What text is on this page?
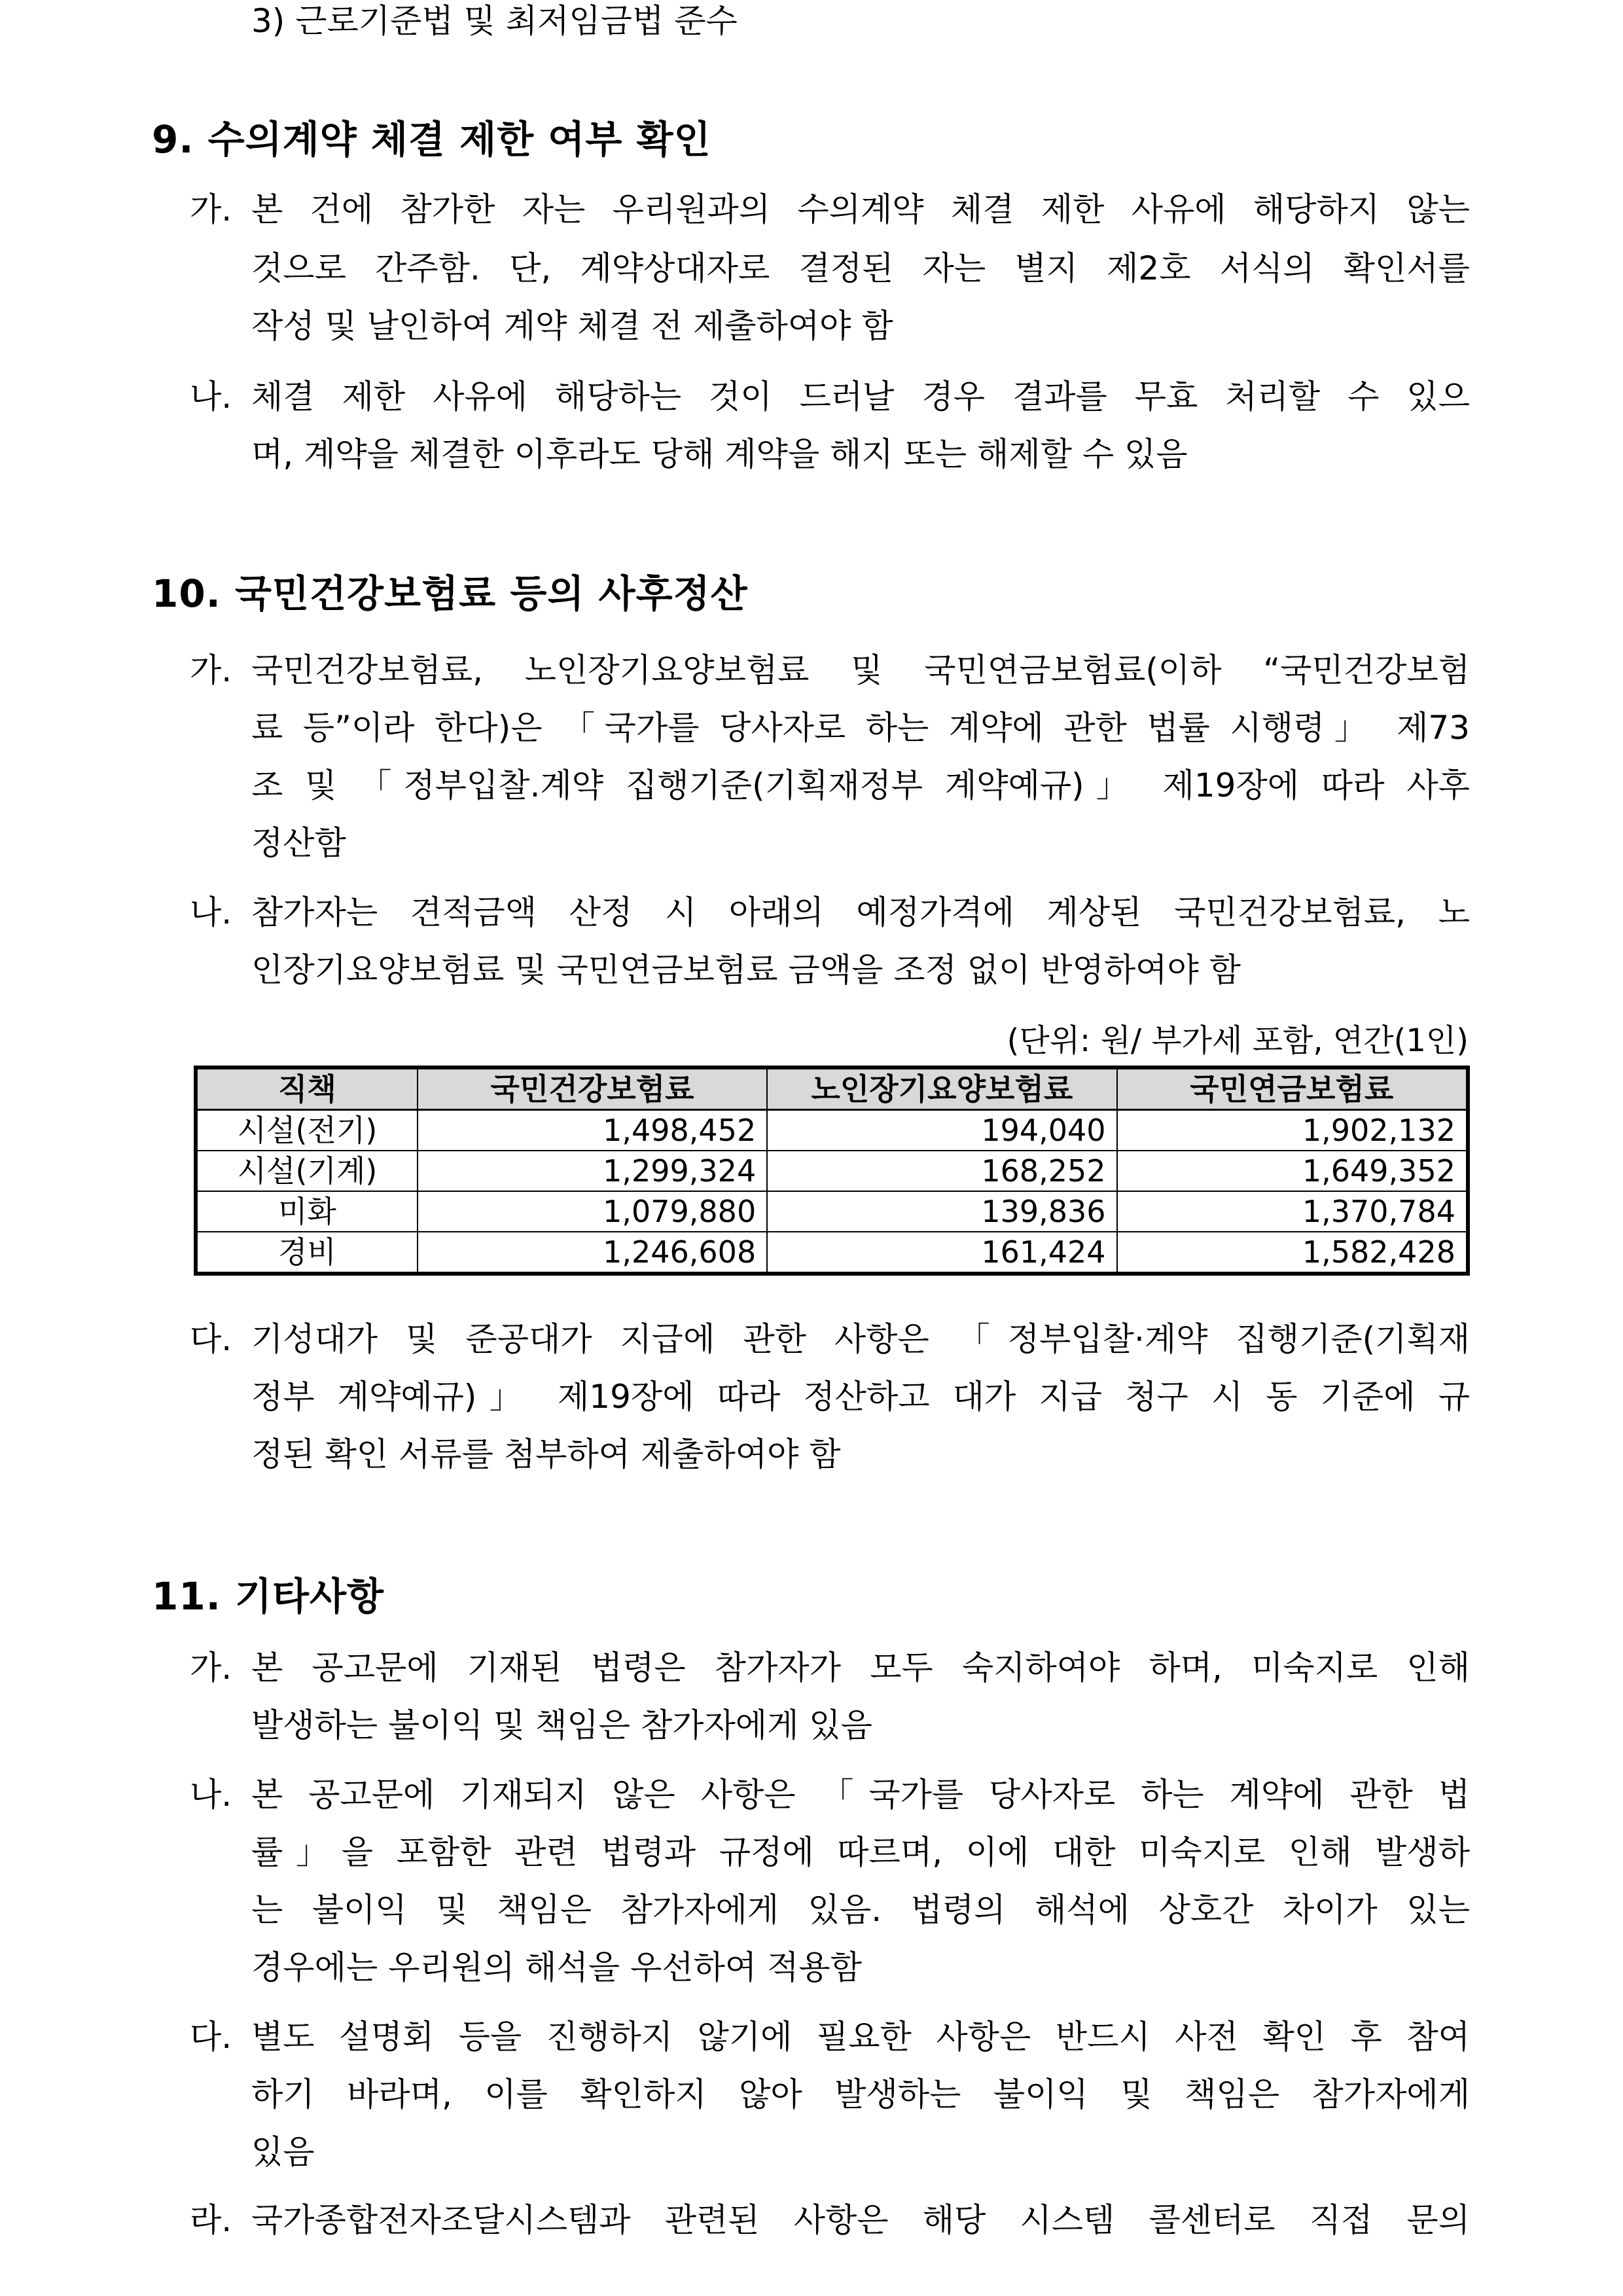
3) 근로기준법 및 최저임금법 준수
9. 수의계약 체결 제한 여부 확인
가. 본 건에 참가한 자는 우리원과의 수의계약 체결 제한 사유에 해당하지 않는
것으로 간주함. 단, 계약상대자로 결정된 자는 별지 제2호 서식의 확인서를
작성 및 날인하여 계약 체결 전 제출하여야 함
나. 체결 제한 사유에 해당하는 것이 드러날 경우 결과를 무효 처리할 수 있으
며, 계약을 체결한 이후라도 당해 계약을 해지 또는 해제할 수 있음
10. 국민건강보험료 등의 사후정산
가. 국민건강보험료, 노인장기요양보험료 및 국민연금보험료(이하 “국민건강보험
료 등”이라 한다)은 「국가를 당사자로 하는 계약에 관한 법률 시행령」 제73
조 및 「정부입찰.계약 집행기준(기획재정부 계약예규)」 제19장에 따라 사후
정산함
나. 참가자는 견적금액 산정 시 아래의 예정가격에 계상된 국민건강보험료, 노
인장기요양보험료 및 국민연금보험료 금액을 조정 없이 반영하여야 함
(단위: 원/ 부가세 포함, 연간(1인)
직책	국민건강보험료	노인장기요양보험료	국민연금보험료
시설(전기)	1,498,452	194,040	1,902,132
시설(기계)	1,299,324	168,252	1,649,352
미화	1,079,880	139,836	1,370,784
경비	1,246,608	161,424	1,582,428
다. 기성대가 및 준공대가 지급에 관한 사항은 「정부입찰·계약 집행기준(기획재
정부 계약예규)」 제19장에 따라 정산하고 대가 지급 청구 시 동 기준에 규
정된 확인 서류를 첨부하여 제출하여야 함
11. 기타사항
가. 본 공고문에 기재된 법령은 참가자가 모두 숙지하여야 하며, 미숙지로 인해
발생하는 불이익 및 책임은 참가자에게 있음
나. 본 공고문에 기재되지 않은 사항은 「국가를 당사자로 하는 계약에 관한 법
률」을 포함한 관련 법령과 규정에 따르며, 이에 대한 미숙지로 인해 발생하
는 불이익 및 책임은 참가자에게 있음. 법령의 해석에 상호간 차이가 있는
경우에는 우리원의 해석을 우선하여 적용함
다. 별도 설명회 등을 진행하지 않기에 필요한 사항은 반드시 사전 확인 후 참여
하기 바라며, 이를 확인하지 않아 발생하는 불이익 및 책임은 참가자에게
있음
라. 국가종합전자조달시스템과 관련된 사항은 해당 시스템 콜센터로 직접 문의
